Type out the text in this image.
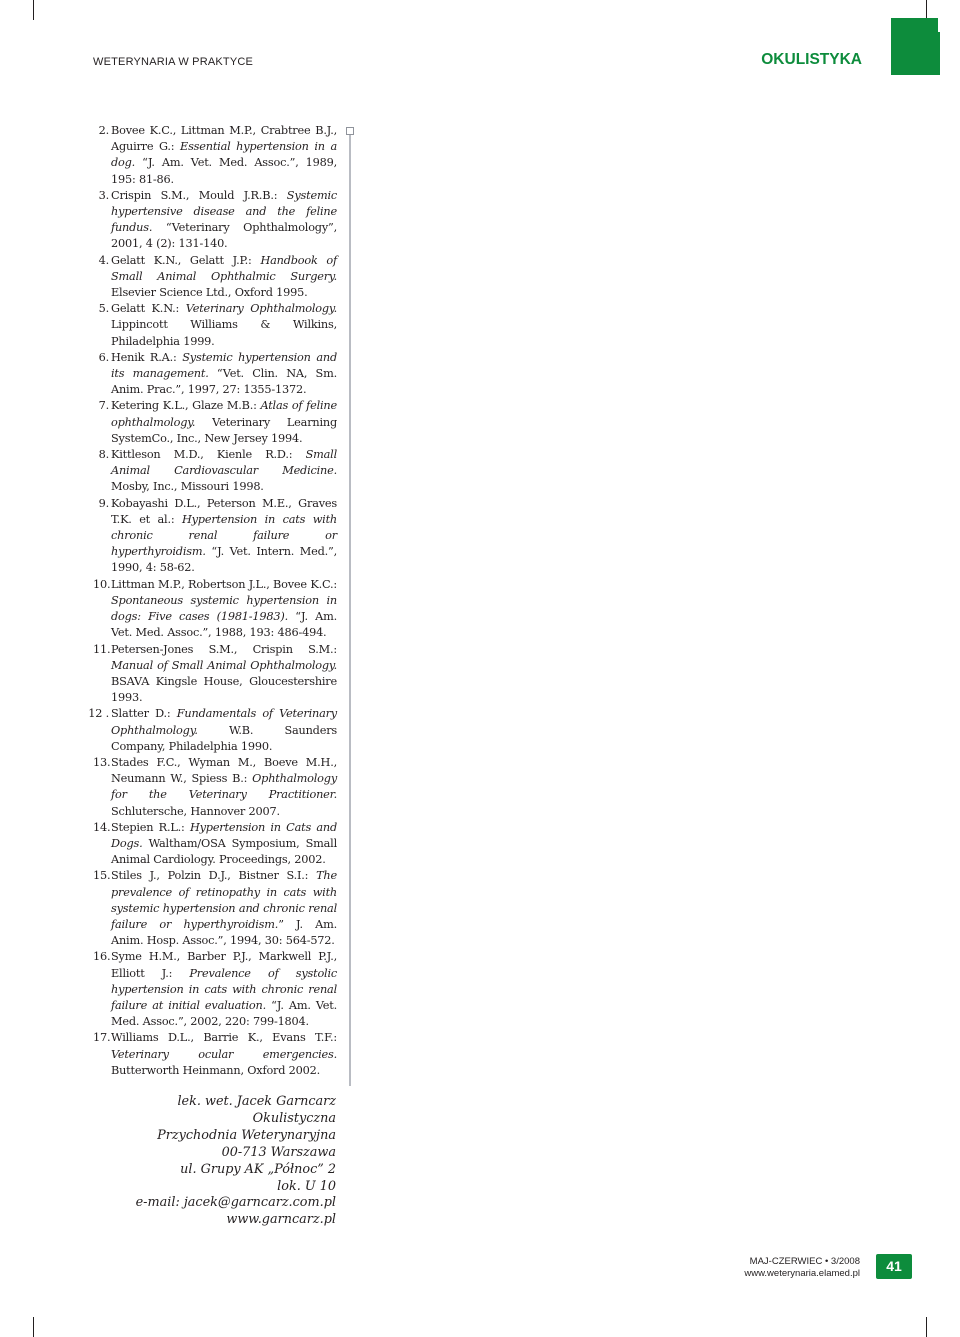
WETERYNARIA W PRAKTYCE	OKULISTYKA
2. Bovee K.C., Littman M.P., Crabtree B.J., Aguirre G.: Essential hypertension in a dog. “J. Am. Vet. Med. Assoc.”, 1989, 195: 81-86.
3. Crispin S.M., Mould J.R.B.: Systemic hypertensive disease and the feline fundus. “Veterinary Ophthalmology”, 2001, 4 (2): 131-140.
4. Gelatt K.N., Gelatt J.P.: Handbook of Small Animal Ophthalmic Surgery. Elsevier Science Ltd., Oxford 1995.
5. Gelatt K.N.: Veterinary Ophthalmology. Lippincott Williams & Wilkins, Philadelphia 1999.
6. Henik R.A.: Systemic hypertension and its management. “Vet. Clin. NA, Sm. Anim. Prac.”, 1997, 27: 1355-1372.
7. Ketering K.L., Glaze M.B.: Atlas of feline ophthalmology. Veterinary Learning SystemCo., Inc., New Jersey 1994.
8. Kittleson M.D., Kienle R.D.: Small Animal Cardiovascular Medicine. Mosby, Inc., Missouri 1998.
9. Kobayashi D.L., Peterson M.E., Graves T.K. et al.: Hypertension in cats with chronic renal failure or hyperthyroidism. “J. Vet. Intern. Med.”, 1990, 4: 58-62.
10. Littman M.P., Robertson J.L., Bovee K.C.: Spontaneous systemic hypertension in dogs: Five cases (1981-1983). “J. Am. Vet. Med. Assoc.”, 1988, 193: 486-494.
11. Petersen-Jones S.M., Crispin S.M.: Manual of Small Animal Ophthalmology. BSAVA Kingsle House, Gloucestershire 1993.
12 . Slatter D.: Fundamentals of Veterinary Ophthalmology. W.B. Saunders Company, Philadelphia 1990.
13. Stades F.C., Wyman M., Boeve M.H., Neumann W., Spiess B.: Ophthalmology for the Veterinary Practitioner. Schlutersche, Hannover 2007.
14. Stepien R.L.: Hypertension in Cats and Dogs. Waltham/OSA Symposium, Small Animal Cardiology. Proceedings, 2002.
15. Stiles J., Polzin D.J., Bistner S.I.: The prevalence of retinopathy in cats with systemic hypertension and chronic renal failure or hyperthyroidism.” J. Am. Anim. Hosp. Assoc.”, 1994, 30: 564-572.
16. Syme H.M., Barber P.J., Markwell P.J., Elliott J.: Prevalence of systolic hypertension in cats with chronic renal failure at initial evaluation. “J. Am. Vet. Med. Assoc.”, 2002, 220: 799-1804.
17. Williams D.L., Barrie K., Evans T.F.: Veterinary ocular emergencies. Butterworth Heinmann, Oxford 2002.
lek. wet. Jacek Garncarz
Okulistyczna
Przychodnia Weterynaryjna
00-713 Warszawa
ul. Grupy AK „Północ” 2
lok. U 10
e-mail: jacek@garncarz.com.pl
www.garncarz.pl
MAJ-CZERWIEC • 3/2008
www.weterynaria.elamed.pl	41
